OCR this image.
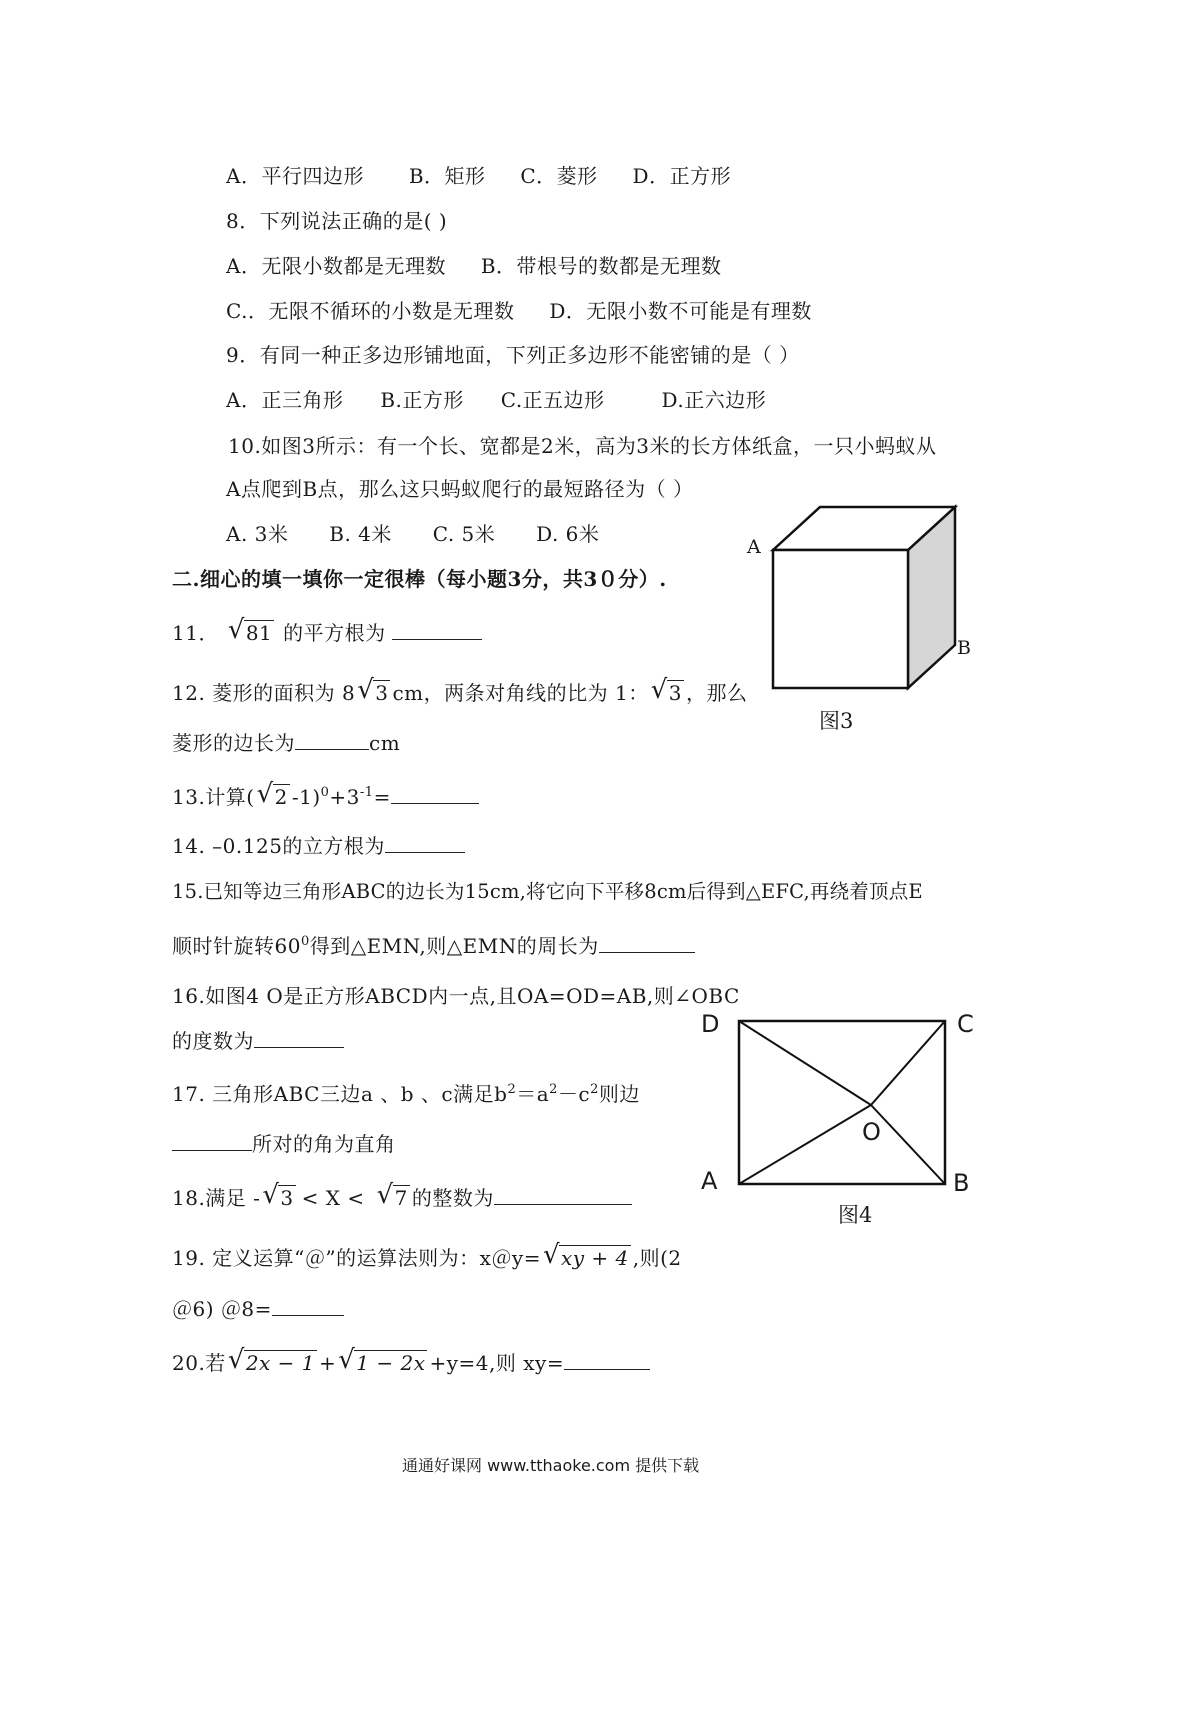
A．平行四边形 B．矩形 C．菱形 D．正方形
8．下列说法正确的是( )
A．无限小数都是无理数 B．带根号的数都是无理数
C.．无限不循环的小数是无理数 D．无限小数不可能是有理数
9．有同一种正多边形铺地面，下列正多边形不能密铺的是（ ）
A．正三角形 B.正方形 C.正五边形	D.正六边形
10.如图3所示：有一个长、宽都是2米，高为3米的长方体纸盒，一只小蚂蚁从
A点爬到B点，那么这只蚂蚁爬行的最短路径为（ ）
A. 3米 B. 4米 C. 5米 D. 6米
二.细心的填一填你一定很棒（每小题3分，共3０分）.
11． √ 81 的平方根为
12. 菱形的面积为 8 √ 3 cm，两条对角线的比为 1： √ 3 ，那么
菱形的边长为	cm
13.计算( √ 2 $-1)^0+3^{-1}=$
14. –0.125的立方根为
15.已知等边三角形ABC的边长为15cm,将它向下平移8cm后得到△EFC,再绕着顶点E
顺时针旋转$60^0$得到△EMN,则△EMN的周长为
16.如图4 O是正方形ABCD内一点,且OA=OD=AB,则∠OBC
的度数为
17. 三角形ABC三边a 、b 、c满足$b^2=a^2-c^2$则边
所对的角为直角
18.满足 - √ 3 < X < √ 7 的整数为
19. 定义运算“＠”的运算法则为：x＠y= √ xy + 4 ,则(2
＠6) ＠8=
20.若 √ 2x − 1 + √ 1 − 2x +y=4,则 xy=
A
B
图3
D	C
O
A	B
图4
通通好课网 www.tthaoke.com 提供下载
